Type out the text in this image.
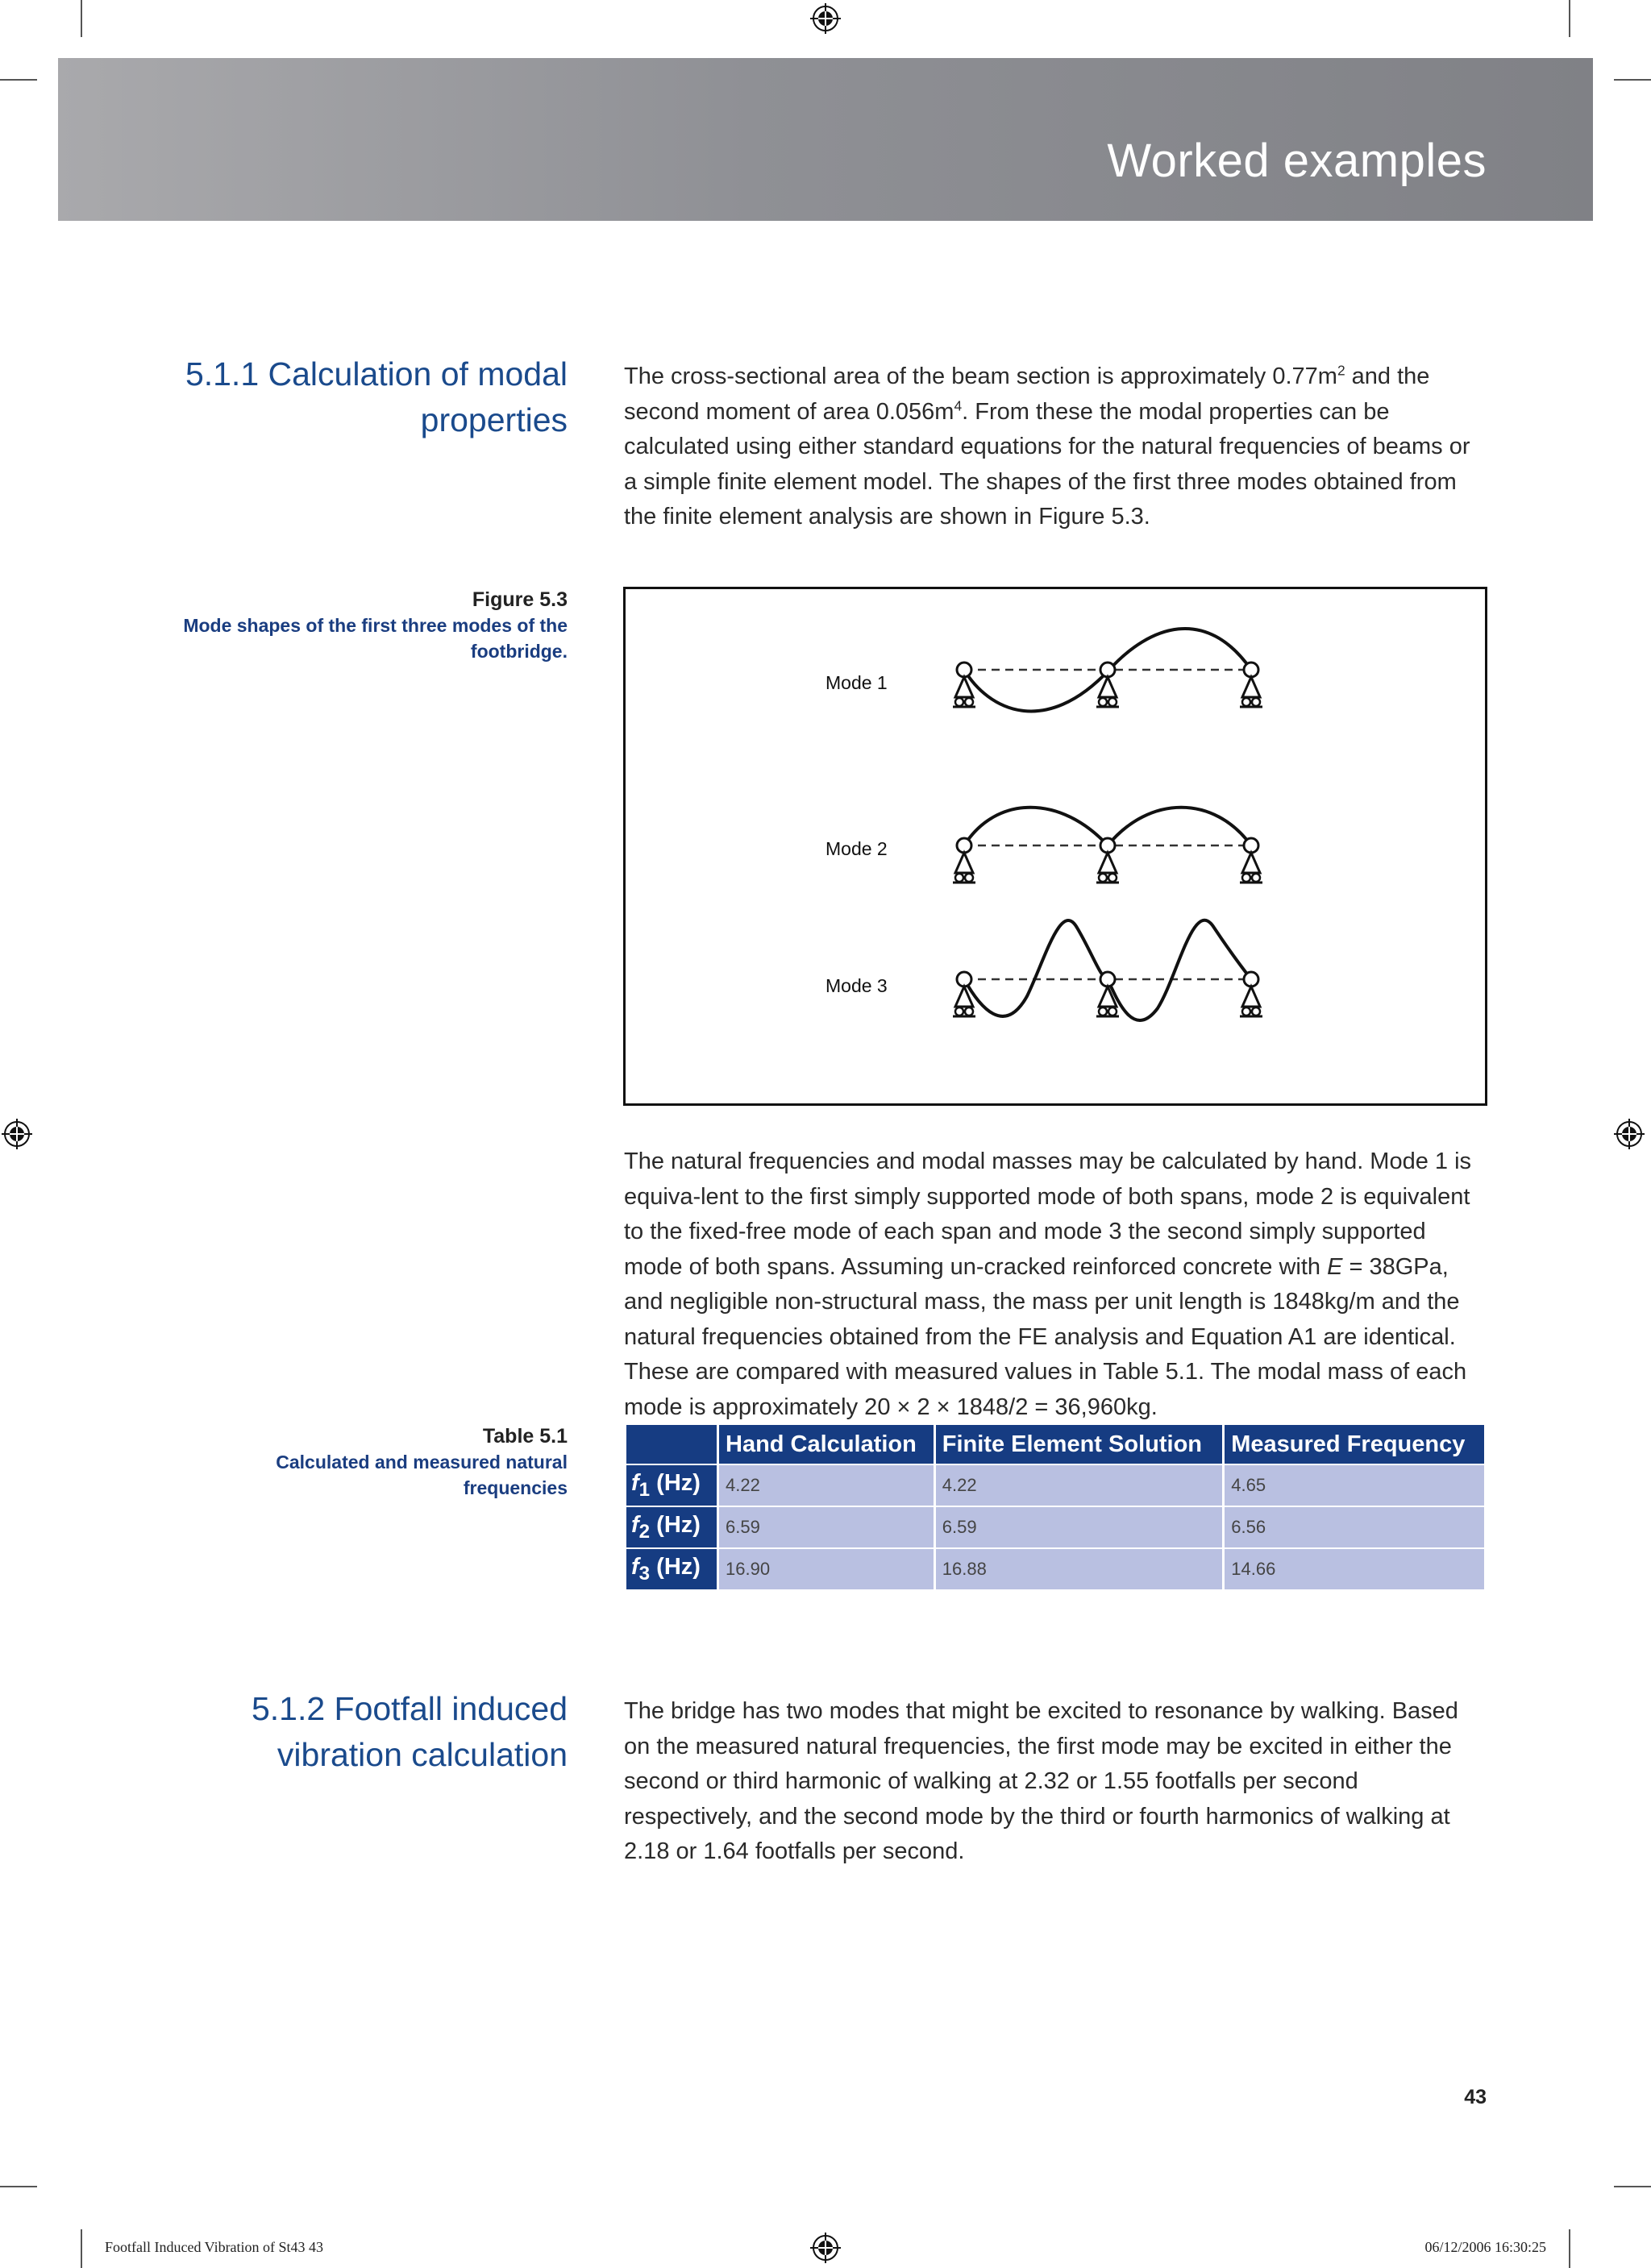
Worked examples
5.1.1 Calculation of modal
properties
The cross-sectional area of the beam section is approximately $0.77m^2$ and the second moment of area $0.056m^4$. From these the modal properties can be calculated using either standard equations for the natural frequencies of beams or a simple finite element model. The shapes of the first three modes obtained from the finite element analysis are shown in Figure 5.3.
Figure 5.3
Mode shapes of the first three modes of the
footbridge.
Mode 1
Mode 2
Mode 3
The natural frequencies and modal masses may be calculated by hand. Mode 1 is equiva-lent to the first simply supported mode of both spans, mode 2 is equivalent to the fixed-free mode of each span and mode 3 the second simply supported mode of both spans. Assuming un-cracked reinforced concrete with E = 38GPa, and negligible non-structural mass, the mass per unit length is 1848kg/m and the natural frequencies obtained from the FE analysis and Equation A1 are identical. These are compared with measured values in Table 5.1. The modal mass of each mode is approximately 20 × 2 × 1848/2 = 36,960kg.
Table 5.1
Calculated and measured natural
frequencies
	Hand Calculation	Finite Element Solution	Measured Frequency
$f_1$ (Hz)	4.22	4.22	4.65
$f_2$ (Hz)	6.59	6.59	6.56
$f_3$ (Hz)	16.90	16.88	14.66
5.1.2 Footfall induced
vibration calculation
The bridge has two modes that might be excited to resonance by walking. Based on the measured natural frequencies, the first mode may be excited in either the second or third harmonic of walking at 2.32 or 1.55 footfalls per second respectively, and the second mode by the third or fourth harmonics of walking at 2.18 or 1.64 footfalls per second.
43
Footfall Induced Vibration of St43 43	06/12/2006 16:30:25
